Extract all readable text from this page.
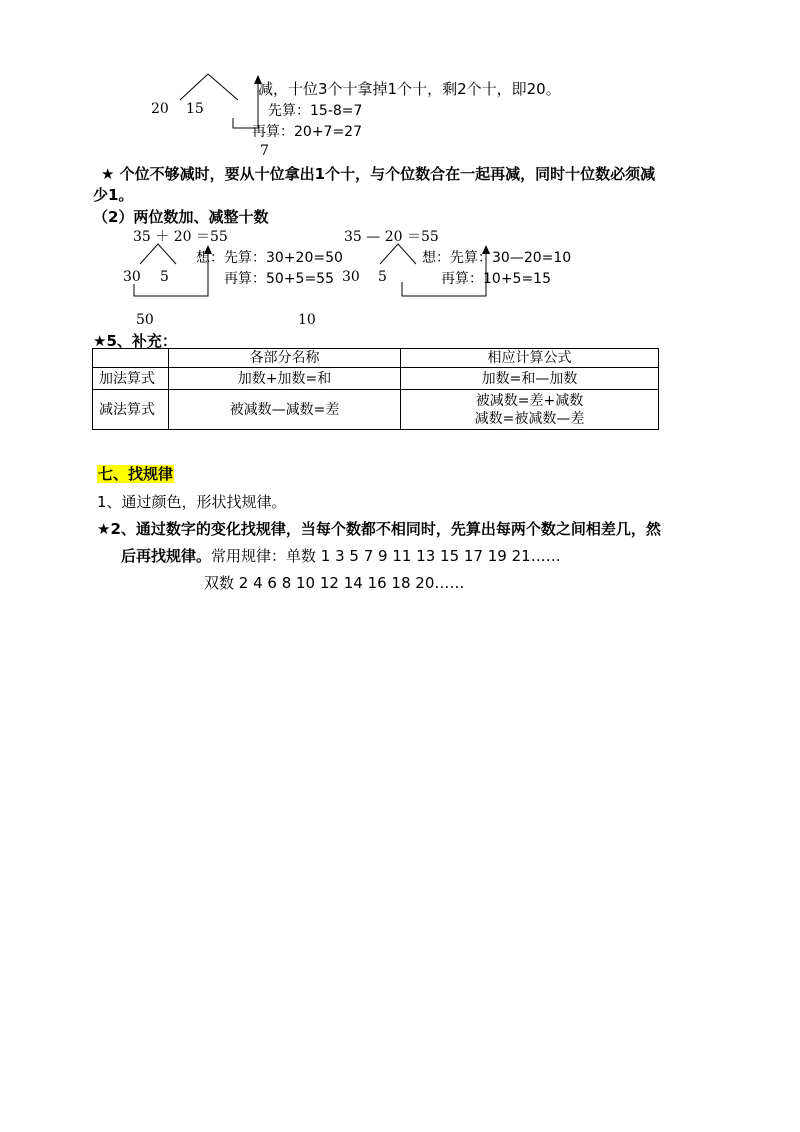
减，十位3个十拿掉1个十，剩2个十，即20。
20 15	先算：15-8=7
再算：20+7=27
7
★ 个位不够减时，要从十位拿出1个十，与个位数合在一起再减，同时十位数必须减
少1。
（2）两位数加、减整十数
35 ＋ 20 ＝55
想：先算：30+20=50
30 5	再算：50+5=55
50
35 — 20 ＝55
想：先算：30—20=10
30 5	再算：10+5=15
10
★5、补充：
	各部分名称	相应计算公式
加法算式	加数+加数=和	加数=和—加数
减法算式	被减数—减数=差	被减数=差+减数
减数=被减数—差
七、找规律
1、通过颜色，形状找规律。
★2、通过数字的变化找规律，当每个数都不相同时，先算出每两个数之间相差几，然
后再找规律。常用规律：单数 1 3 5 7 9 11 13 15 17 19 21……
双数 2 4 6 8 10 12 14 16 18 20……
